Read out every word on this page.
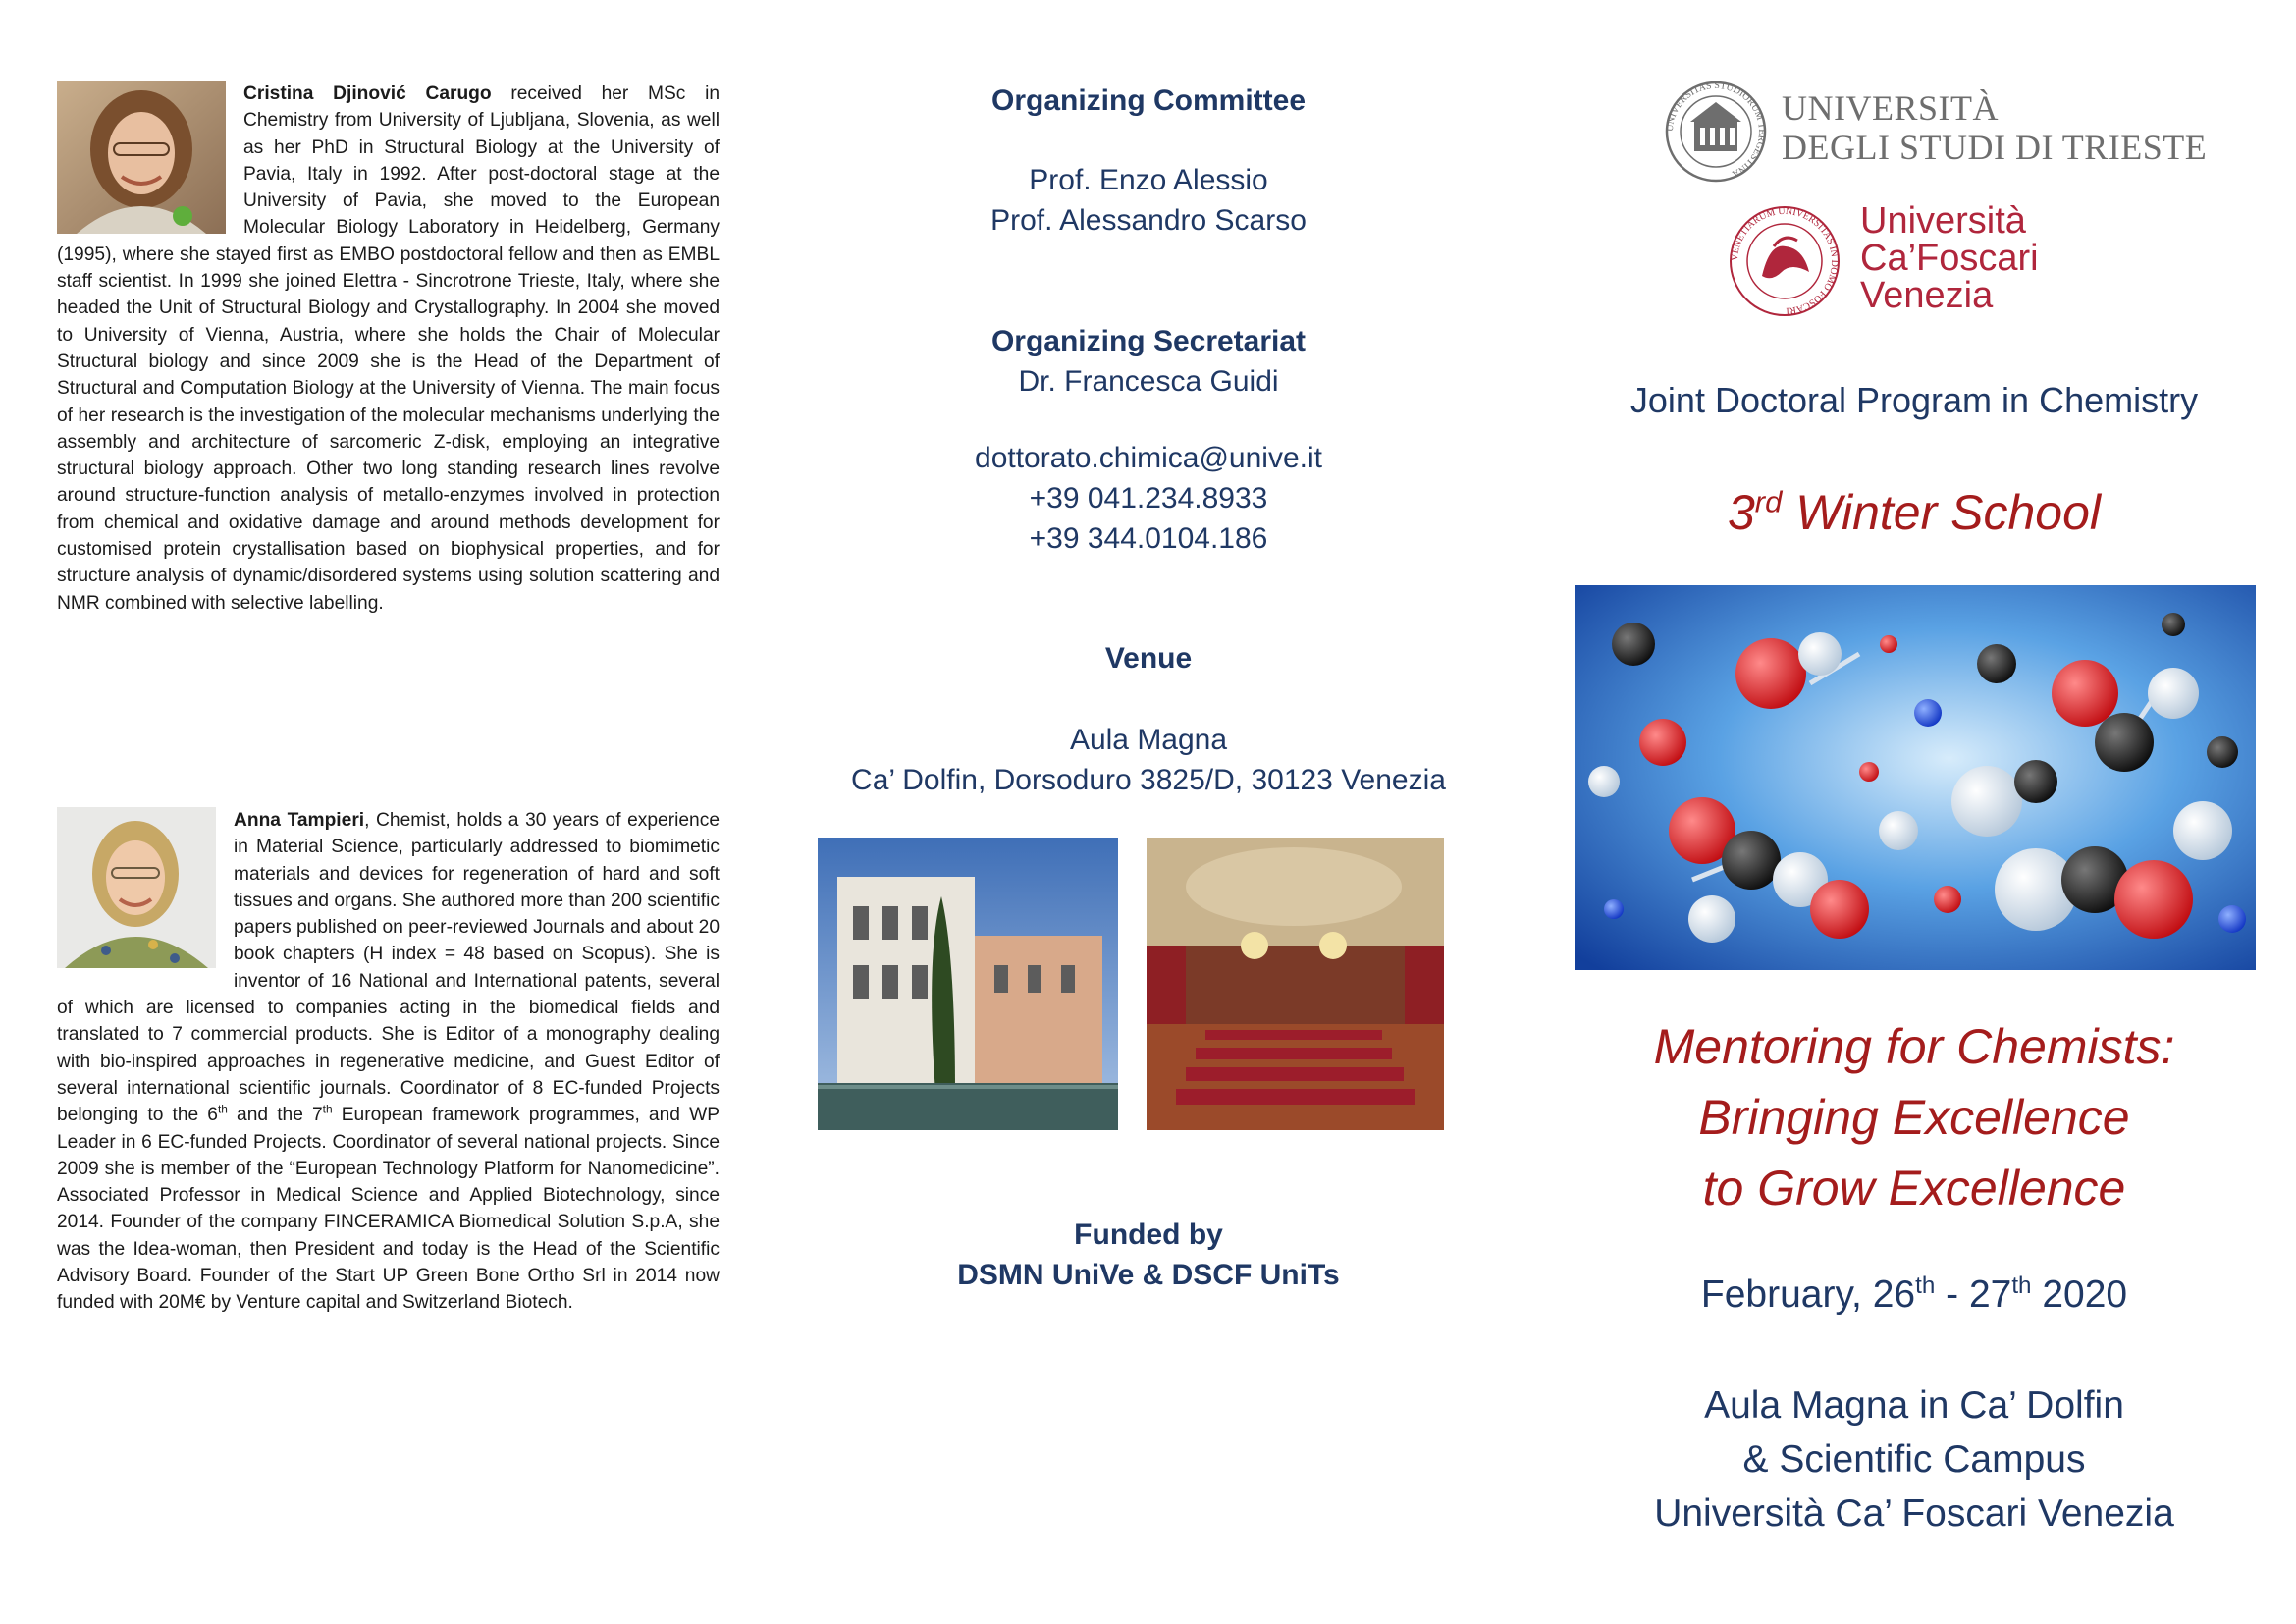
Cristina Djinović Carugo received her MSc in Chemistry from University of Ljubljana, Slovenia, as well as her PhD in Structural Biology at the University of Pavia, Italy in 1992. After post-doctoral stage at the University of Pavia, she moved to the European Molecular Biology Laboratory in Heidelberg, Germany (1995), where she stayed first as EMBO postdoctoral fellow and then as EMBL staff scientist. In 1999 she joined Elettra - Sincrotrone Trieste, Italy, where she headed the Unit of Structural Biology and Crystallography. In 2004 she moved to University of Vienna, Austria, where she holds the Chair of Molecular Structural biology and since 2009 she is the Head of the Department of Structural and Computation Biology at the University of Vienna. The main focus of her research is the investigation of the molecular mechanisms underlying the assembly and architecture of sarcomeric Z-disk, employing an integrative structural biology approach. Other two long standing research lines revolve around structure-function analysis of metallo-enzymes involved in protection from chemical and oxidative damage and around methods development for customised protein crystallisation based on biophysical properties, and for structure analysis of dynamic/disordered systems using solution scattering and NMR combined with selective labelling.
Anna Tampieri, Chemist, holds a 30 years of experience in Material Science, particularly addressed to biomimetic materials and devices for regeneration of hard and soft tissues and organs. She authored more than 200 scientific papers published on peer-reviewed Journals and about 20 book chapters (H index = 48 based on Scopus). She is inventor of 16 National and International patents, several of which are licensed to companies acting in the biomedical fields and translated to 7 commercial products. She is Editor of a monography dealing with bio-inspired approaches in regenerative medicine, and Guest Editor of several international scientific journals. Coordinator of 8 EC-funded Projects belonging to the 6th and the 7th European framework programmes, and WP Leader in 6 EC-funded Projects. Coordinator of several national projects. Since 2009 she is member of the “European Technology Platform for Nanomedicine”. Associated Professor in Medical Science and Applied Biotechnology, since 2014. Founder of the company FINCERAMICA Biomedical Solution S.p.A, she was the Idea-woman, then President and today is the Head of the Scientific Advisory Board. Founder of the Start UP Green Bone Ortho Srl in 2014 now funded with 20M€ by Venture capital and Switzerland Biotech.
Organizing Committee
Prof. Enzo Alessio
Prof. Alessandro Scarso
Organizing Secretariat
Dr. Francesca Guidi
dottorato.chimica@unive.it
+39 041.234.8933
+39 344.0104.186
Venue
Aula Magna
Ca’ Dolfin, Dorsoduro 3825/D, 30123 Venezia
Funded by
DSMN UniVe & DSCF UniTs
UNIVERSITAS STUDIORUM TERGESTINA
UNIVERSITÀ
DEGLI STUDI DI TRIESTE
VENETIARUM UNIVERSITAS IN DOMO FOSCARI
Università
Ca’Foscari
Venezia
Joint Doctoral Program in Chemistry
3rd Winter School
Mentoring for Chemists:
Bringing Excellence
to Grow Excellence
February, 26th - 27th 2020
Aula Magna in Ca’ Dolfin
& Scientific Campus
Università Ca’ Foscari Venezia
